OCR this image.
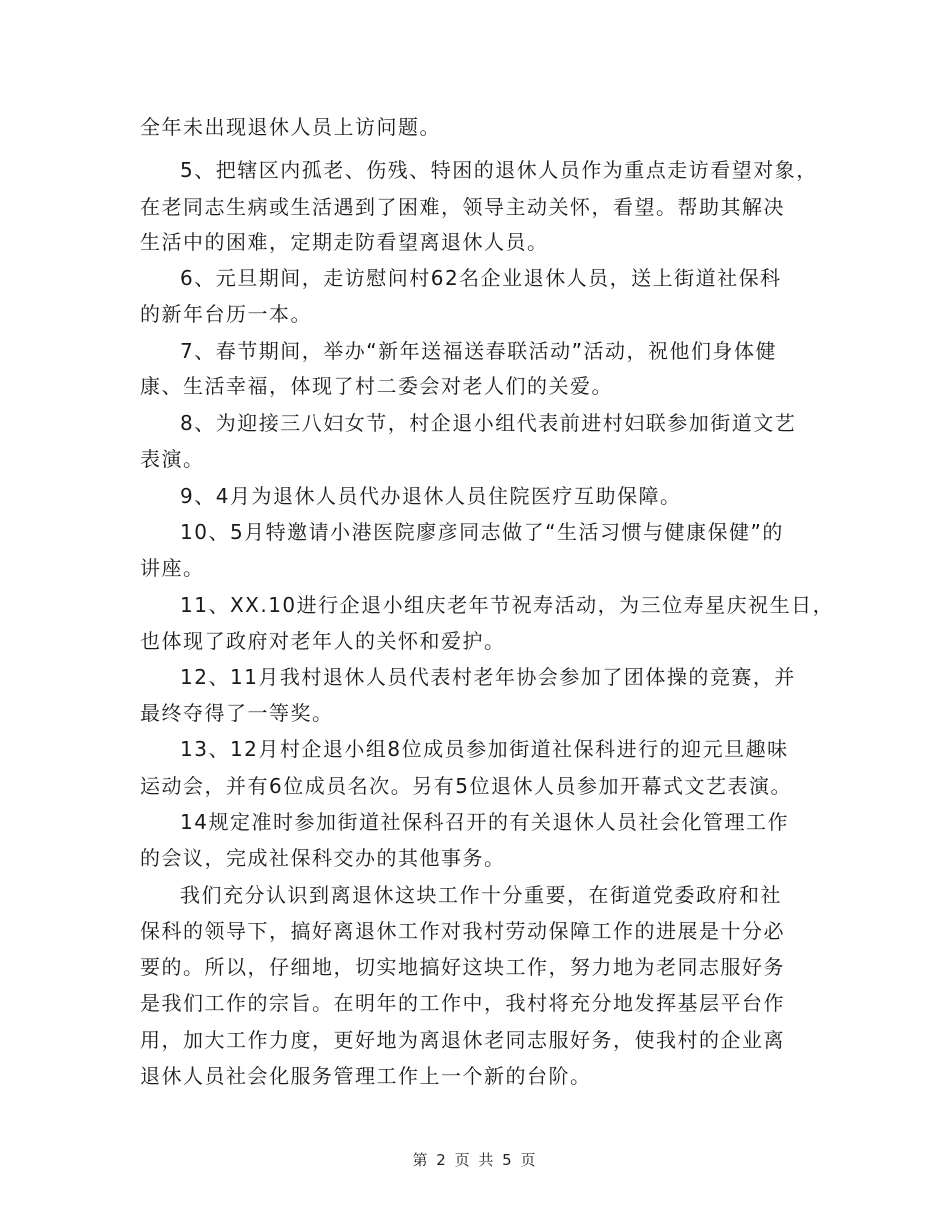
全年未出现退休人员上访问题。
5、把辖区内孤老、伤残、特困的退休人员作为重点走访看望对象，
在老同志生病或生活遇到了困难，领导主动关怀，看望。帮助其解决
生活中的困难，定期走防看望离退休人员。
6、元旦期间，走访慰问村62名企业退休人员，送上街道社保科
的新年台历一本。
7、春节期间，举办“新年送福送春联活动”活动，祝他们身体健
康、生活幸福，体现了村二委会对老人们的关爱。
8、为迎接三八妇女节，村企退小组代表前进村妇联参加街道文艺
表演。
9、4月为退休人员代办退休人员住院医疗互助保障。
10、5月特邀请小港医院廖彦同志做了“生活习惯与健康保健”的
讲座。
11、XX.10进行企退小组庆老年节祝寿活动，为三位寿星庆祝生日，
也体现了政府对老年人的关怀和爱护。
12、11月我村退休人员代表村老年协会参加了团体操的竞赛，并
最终夺得了一等奖。
13、12月村企退小组8位成员参加街道社保科进行的迎元旦趣味
运动会，并有6位成员名次。另有5位退休人员参加开幕式文艺表演。
14规定准时参加街道社保科召开的有关退休人员社会化管理工作
的会议，完成社保科交办的其他事务。
我们充分认识到离退休这块工作十分重要，在街道党委政府和社
保科的领导下，搞好离退休工作对我村劳动保障工作的进展是十分必
要的。所以，仔细地，切实地搞好这块工作，努力地为老同志服好务
是我们工作的宗旨。在明年的工作中，我村将充分地发挥基层平台作
用，加大工作力度，更好地为离退休老同志服好务，使我村的企业离
退休人员社会化服务管理工作上一个新的台阶。
第 2 页 共 5 页
